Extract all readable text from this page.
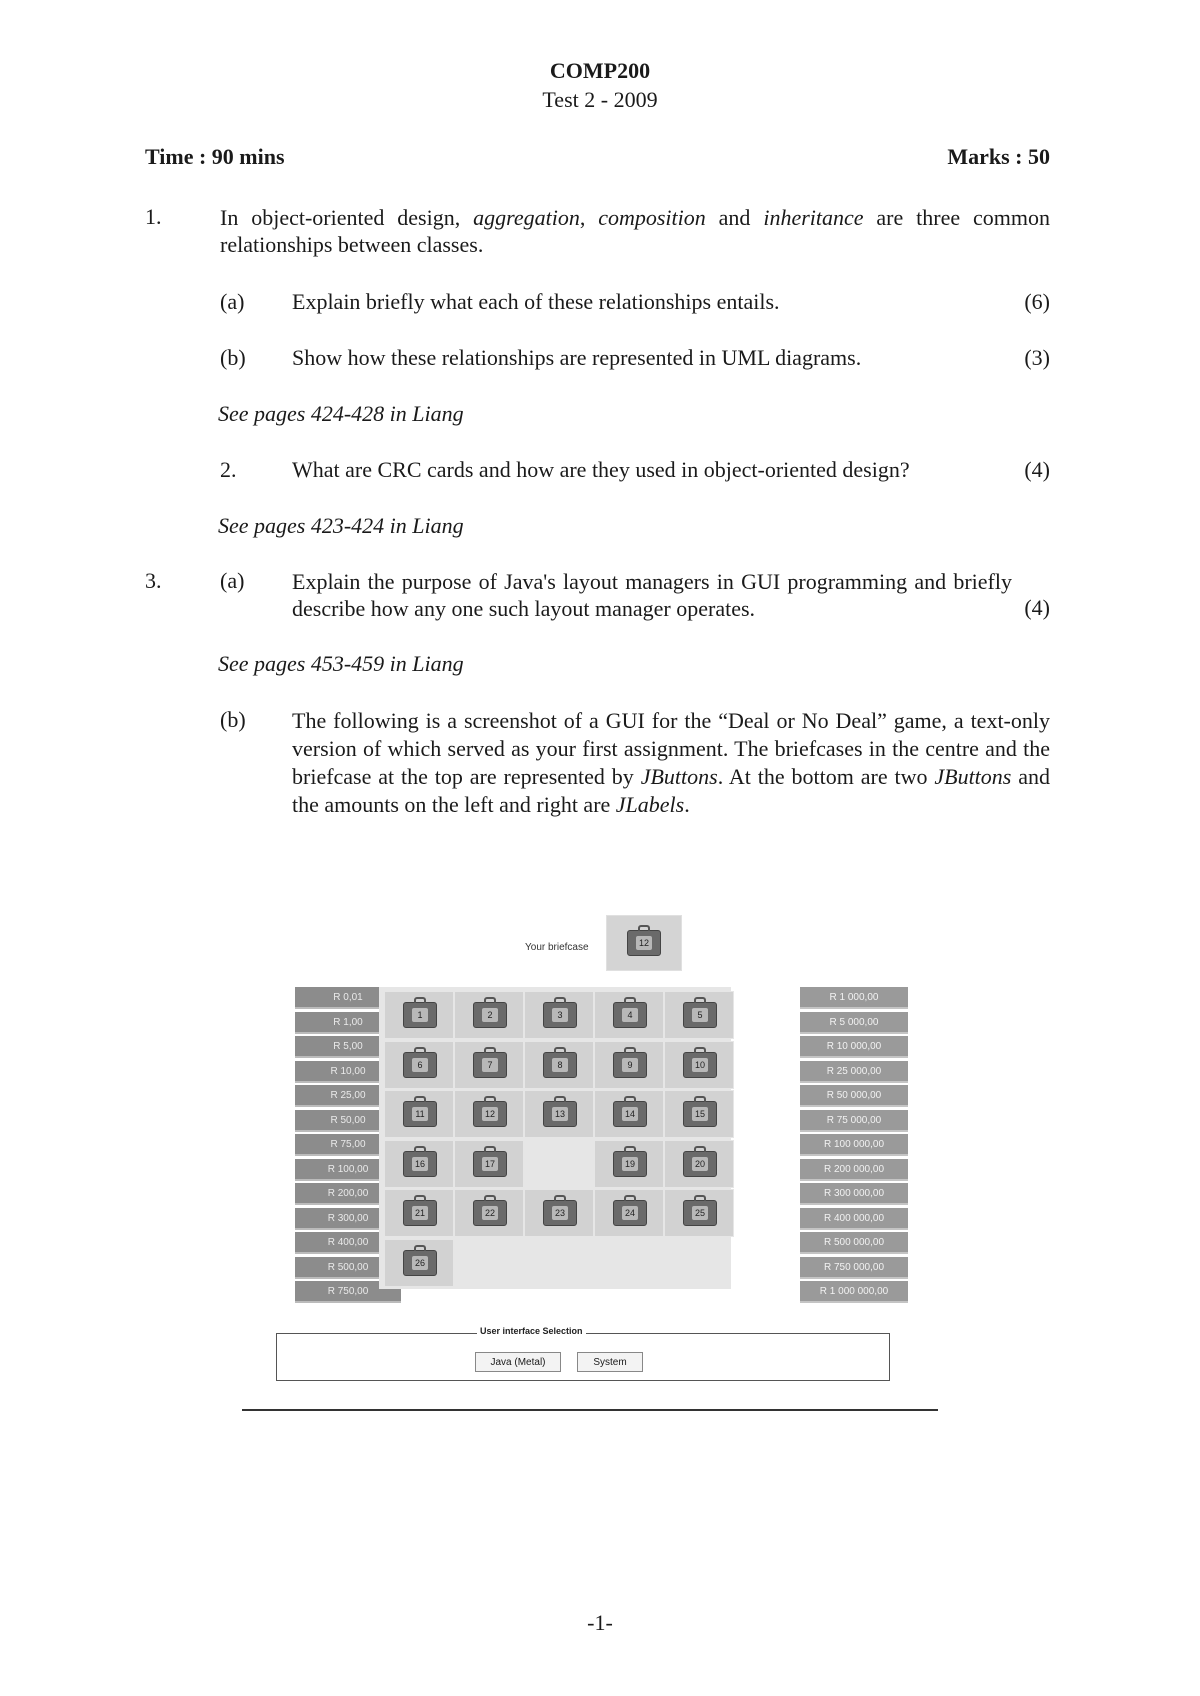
COMP200
Test 2 - 2009
Time : 90 mins	Marks : 50
1.	In object-oriented design, aggregation, composition and inheritance are three common relationships between classes.
(a) Explain briefly what each of these relationships entails.	(6)
(b) Show how these relationships are represented in UML diagrams.	(3)
See pages 424-428 in Liang
2.	What are CRC cards and how are they used in object-oriented design?	(4)
See pages 423-424 in Liang
3.	(a) Explain the purpose of Java's layout managers in GUI programming and briefly describe how any one such layout manager operates.	(4)
See pages 453-459 in Liang
(b) The following is a screenshot of a GUI for the “Deal or No Deal” game, a text-only version of which served as your first assignment. The briefcases in the centre and the briefcase at the top are represented by JButtons. At the bottom are two JButtons and the amounts on the left and right are JLabels.
Your briefcase	12
R 0,01
R 1,00
R 5,00
R 10,00
R 25,00
R 50,00
R 75,00
R 100,00
R 200,00
R 300,00
R 400,00
R 500,00
R 750,00
R 1 000,00
R 5 000,00
R 10 000,00
R 25 000,00
R 50 000,00
R 75 000,00
R 100 000,00
R 200 000,00
R 300 000,00
R 400 000,00
R 500 000,00
R 750 000,00
R 1 000 000,00
1	2	3	4	5
6	7	8	9	10
11	12	13	14	15
16	17	19	20
21	22	23	24	25
26
User interface Selection
Java (Metal)	System
-1-
